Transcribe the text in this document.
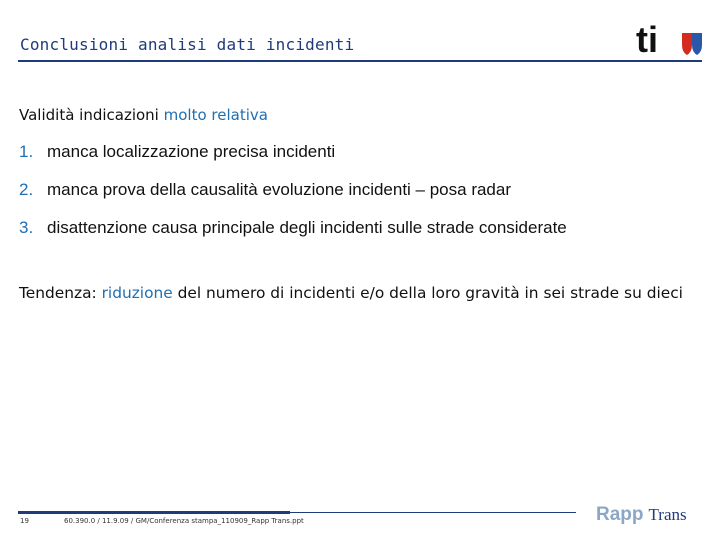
Conclusioni analisi dati incidenti	ti
Validità indicazioni molto relativa
1. manca localizzazione precisa incidenti
2. manca prova della causalità evoluzione incidenti – posa radar
3. disattenzione causa principale degli incidenti sulle strade considerate
Tendenza: riduzione del numero di incidenti e/o della loro gravità in sei strade su dieci
19	60.390.0 / 11.9.09 / GM/Conferenza stampa_110909_Rapp Trans.ppt	Rapp Trans
